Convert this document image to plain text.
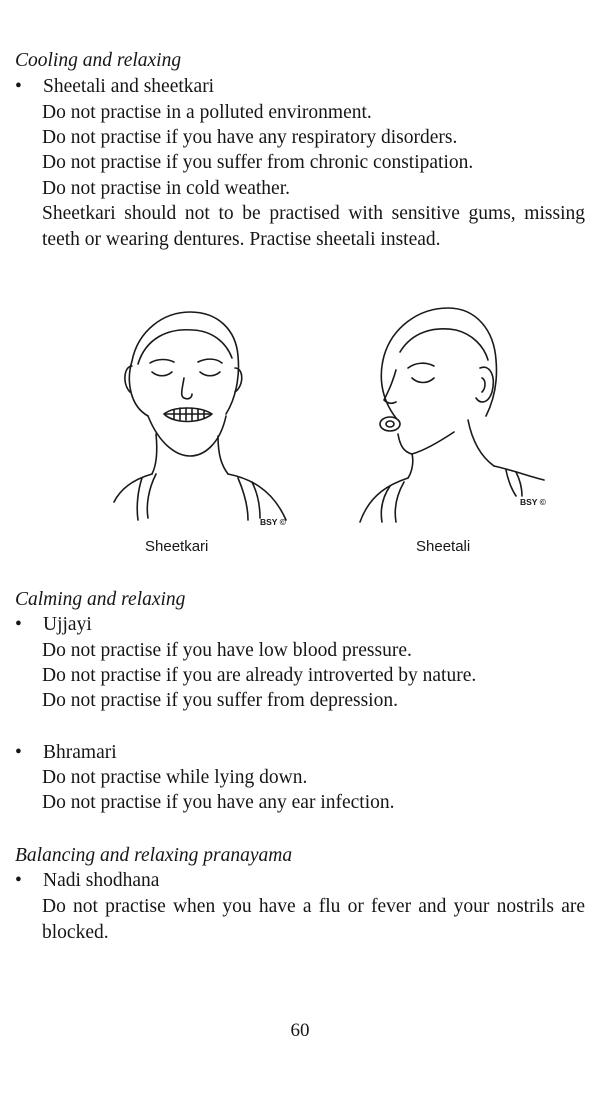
Cooling and relaxing
• Sheetali and sheetkari
Do not practise in a polluted environment.
Do not practise if you have any respiratory disorders.
Do not practise if you suffer from chronic constipation.
Do not practise in cold weather.
Sheetkari should not to be practised with sensitive gums, missing teeth or wearing dentures. Practise sheetali instead.
BSY ©
Sheetkari
BSY ©
Sheetali
Calming and relaxing
• Ujjayi
Do not practise if you have low blood pressure.
Do not practise if you are already introverted by nature.
Do not practise if you suffer from depression.
• Bhramari
Do not practise while lying down.
Do not practise if you have any ear infection.
Balancing and relaxing pranayama
• Nadi shodhana
Do not practise when you have a flu or fever and your nostrils are blocked.
60
